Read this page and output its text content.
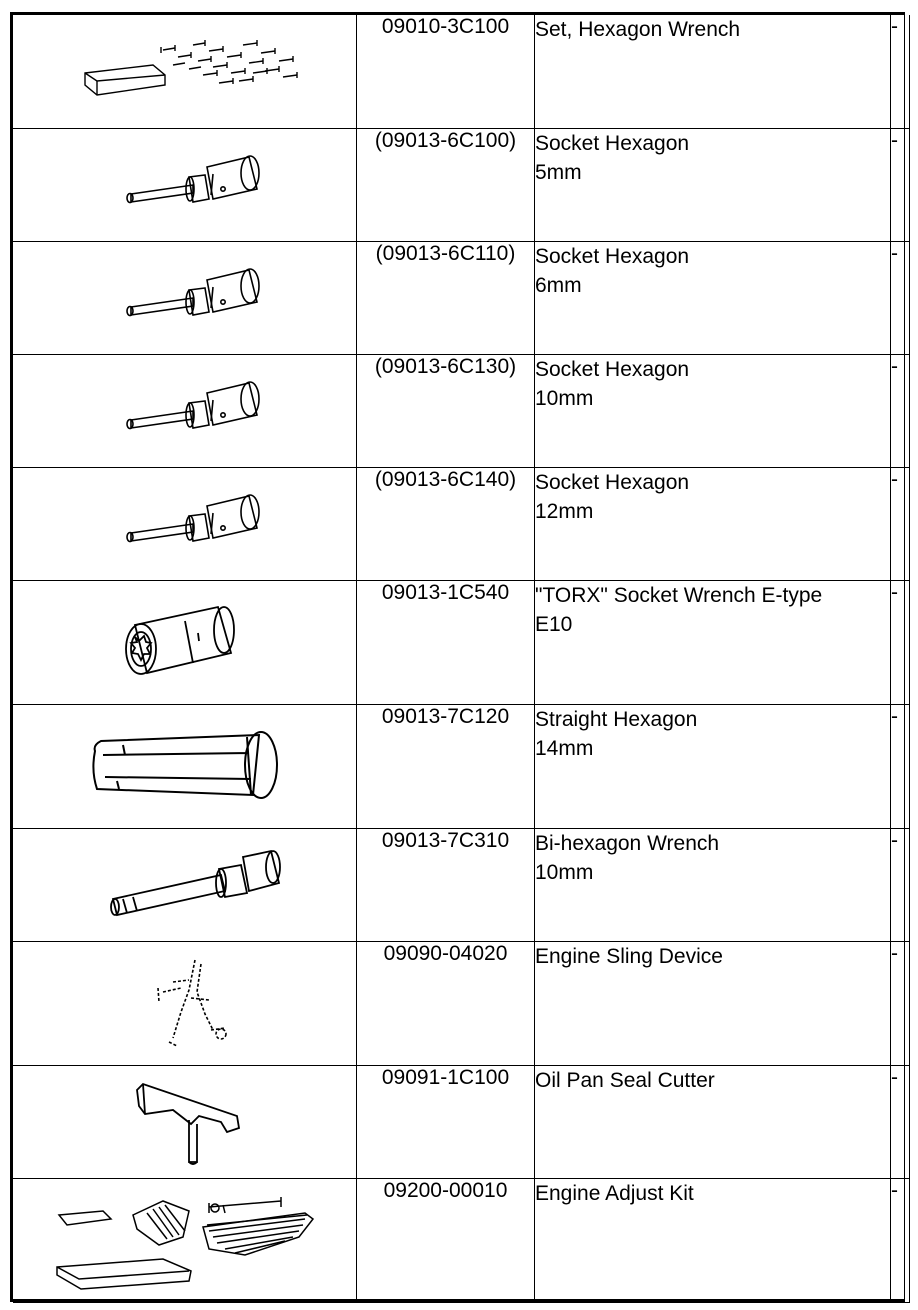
	09010-3C100	Set, Hexagon Wrench	-

	(09013-6C100)	Socket Hexagon
5mm	-

	(09013-6C110)	Socket Hexagon
6mm	-

	(09013-6C130)	Socket Hexagon
10mm	-

	(09013-6C140)	Socket Hexagon
12mm	-

	09013-1C540	"TORX" Socket Wrench E-type
E10	-

	09013-7C120	Straight Hexagon
14mm	-

	09013-7C310	Bi-hexagon Wrench
10mm	-

	09090-04020	Engine Sling Device	-

	09091-1C100	Oil Pan Seal Cutter	-

	09200-00010	Engine Adjust Kit	-
